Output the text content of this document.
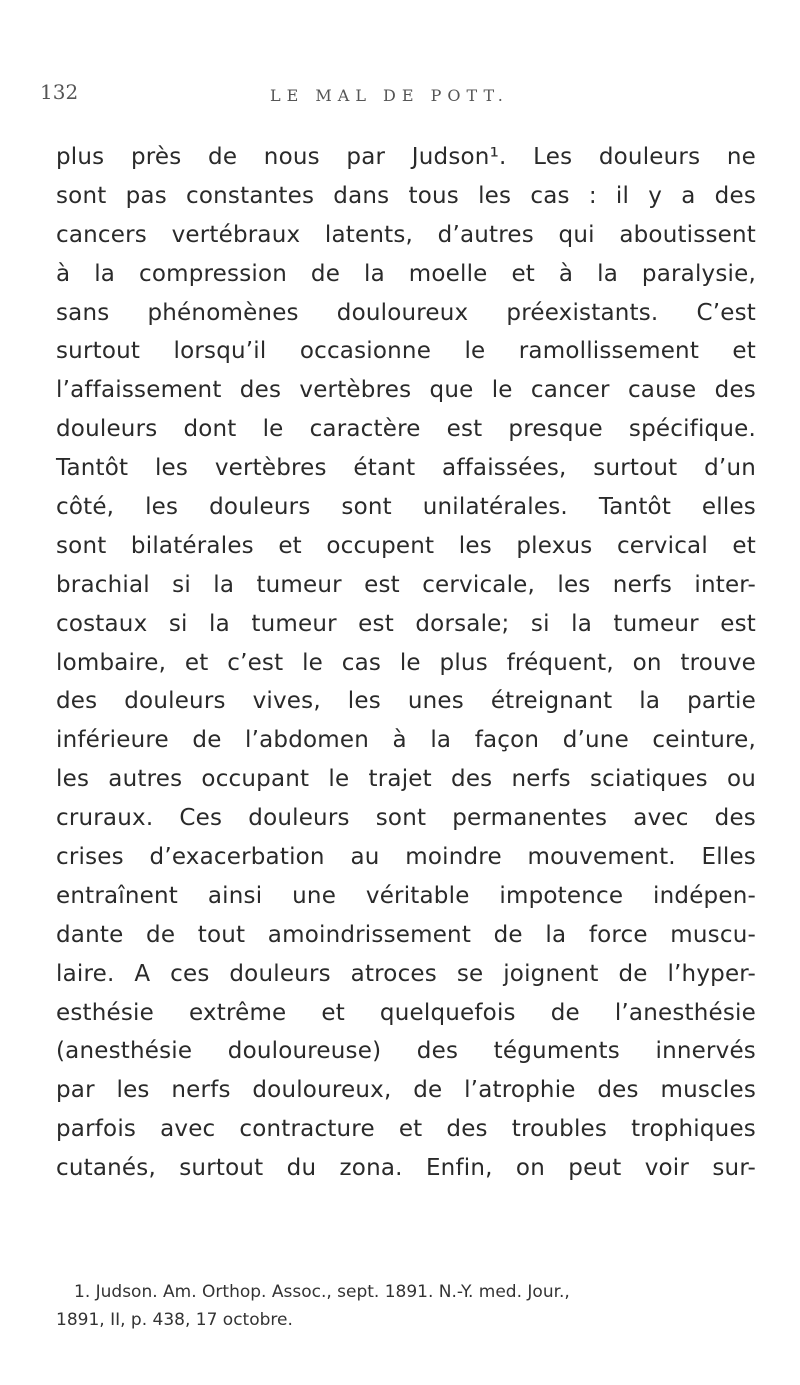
132	LE MAL DE POTT.
plus près de nous par Judson¹. Les douleurs ne
sont pas constantes dans tous les cas : il y a des
cancers vertébraux latents, d’autres qui aboutissent
à la compression de la moelle et à la paralysie,
sans phénomènes douloureux préexistants. C’est
surtout lorsqu’il occasionne le ramollissement et
l’affaissement des vertèbres que le cancer cause des
douleurs dont le caractère est presque spécifique.
Tantôt les vertèbres étant affaissées, surtout d’un
côté, les douleurs sont unilatérales. Tantôt elles
sont bilatérales et occupent les plexus cervical et
brachial si la tumeur est cervicale, les nerfs inter-
costaux si la tumeur est dorsale; si la tumeur est
lombaire, et c’est le cas le plus fréquent, on trouve
des douleurs vives, les unes étreignant la partie
inférieure de l’abdomen à la façon d’une ceinture,
les autres occupant le trajet des nerfs sciatiques ou
cruraux. Ces douleurs sont permanentes avec des
crises d’exacerbation au moindre mouvement. Elles
entraînent ainsi une véritable impotence indépen-
dante de tout amoindrissement de la force muscu-
laire. A ces douleurs atroces se joignent de l’hyper-
esthésie extrême et quelquefois de l’anesthésie
(anesthésie douloureuse) des téguments innervés
par les nerfs douloureux, de l’atrophie des muscles
parfois avec contracture et des troubles trophiques
cutanés, surtout du zona. Enfin, on peut voir sur-
1. Judson. Am. Orthop. Assoc., sept. 1891. N.-Y. med. Jour.,
1891, II, p. 438, 17 octobre.
